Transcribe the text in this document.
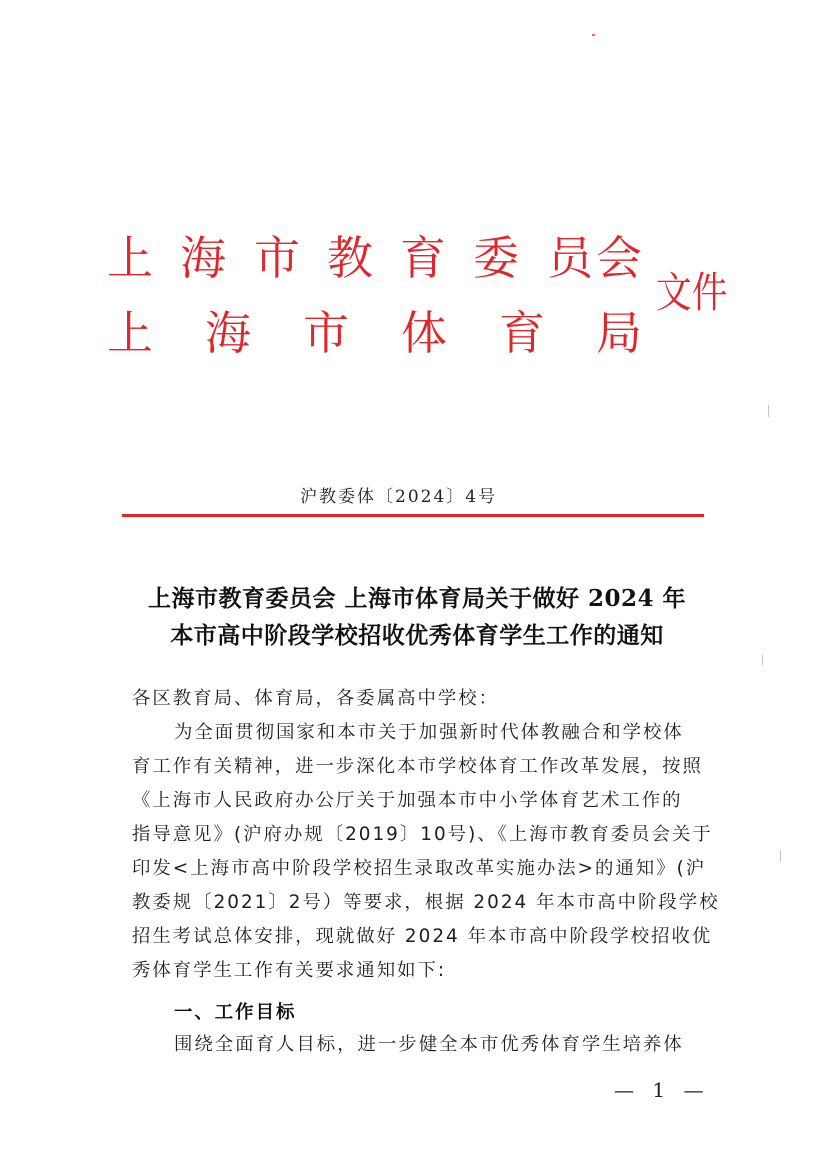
上 海 市 教 育 委 员 会
上 海 市 体 育 局
文件
沪教委体〔2024〕4号
上海市教育委员会 上海市体育局关于做好 2024 年
本市高中阶段学校招收优秀体育学生工作的通知
各区教育局、体育局，各委属高中学校：
为全面贯彻国家和本市关于加强新时代体教融合和学校体
育工作有关精神，进一步深化本市学校体育工作改革发展，按照
《上海市人民政府办公厅关于加强本市中小学体育艺术工作的
指导意见》(沪府办规〔2019〕10号)、《上海市教育委员会关于
印发<上海市高中阶段学校招生录取改革实施办法>的通知》(沪
教委规〔2021〕2号）等要求，根据 2024 年本市高中阶段学校
招生考试总体安排，现就做好 2024 年本市高中阶段学校招收优
秀体育学生工作有关要求通知如下:
一、工作目标
围绕全面育人目标，进一步健全本市优秀体育学生培养体
— 1 —
